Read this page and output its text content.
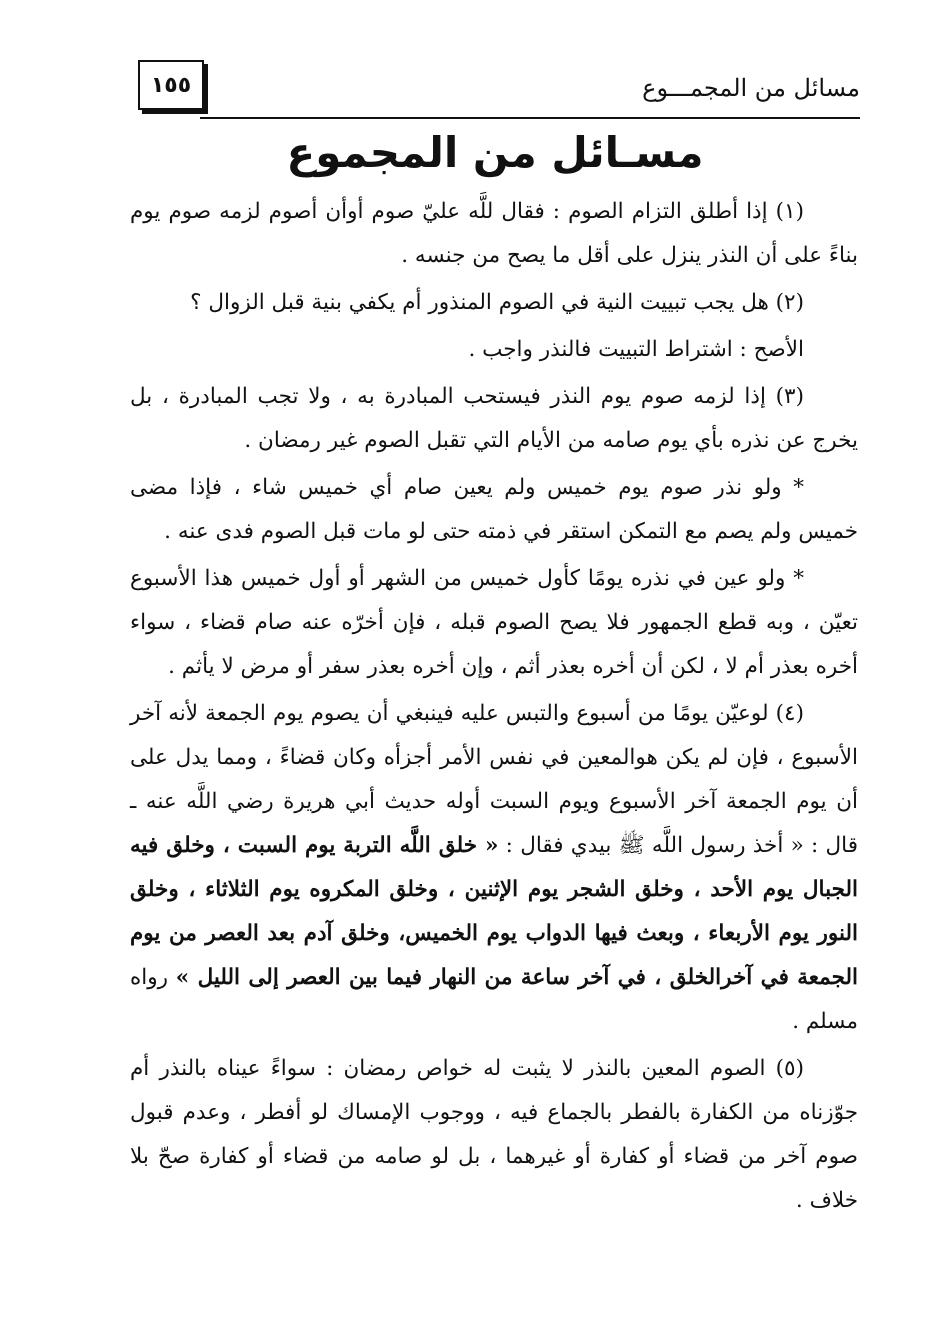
١٥٥	مسائل من المجمـــوع
مسـائل من المجموع

(١) إذا أطلق التزام الصوم : فقال للَّه عليّ صوم أوأن أصوم لزمه صوم يوم بناءً على أن النذر ينزل على أقل ما يصح من جنسه .

(٢) هل يجب تبييت النية في الصوم المنذور أم يكفي بنية قبل الزوال ؟

الأصح : اشتراط التبييت فالنذر واجب .

(٣) إذا لزمه صوم يوم النذر فيستحب المبادرة به ، ولا تجب المبادرة ، بل يخرج عن نذره بأي يوم صامه من الأيام التي تقبل الصوم غير رمضان .

* ولو نذر صوم يوم خميس ولم يعين صام أي خميس شاء ، فإذا مضى خميس ولم يصم مع التمكن استقر في ذمته حتى لو مات قبل الصوم فدى عنه .

* ولو عين في نذره يومًا كأول خميس من الشهر أو أول خميس هذا الأسبوع تعيّن ، وبه قطع الجمهور فلا يصح الصوم قبله ، فإن أخرّه عنه صام قضاء ، سواء أخره بعذر أم لا ، لكن أن أخره بعذر أثم ، وإن أخره بعذر سفر أو مرض لا يأثم .

(٤) لوعيّن يومًا من أسبوع والتبس عليه فينبغي أن يصوم يوم الجمعة لأنه آخر الأسبوع ، فإن لم يكن هوالمعين في نفس الأمر أجزأه وكان قضاءً ، ومما يدل على أن يوم الجمعة آخر الأسبوع ويوم السبت أوله حديث أبي هريرة رضي اللَّه عنه ـ قال : « أخذ رسول اللَّه ﷺ بيدي فقال : « خلق اللَّه التربة يوم السبت ، وخلق فيه الجبال يوم الأحد ، وخلق الشجر يوم الإثنين ، وخلق المكروه يوم الثلاثاء ، وخلق النور يوم الأربعاء ، وبعث فيها الدواب يوم الخميس، وخلق آدم بعد العصر من يوم الجمعة في آخرالخلق ، في آخر ساعة من النهار فيما بين العصر إلى الليل » رواه مسلم .

(٥) الصوم المعين بالنذر لا يثبت له خواص رمضان : سواءً عيناه بالنذر أم جوّزناه من الكفارة بالفطر بالجماع فيه ، ووجوب الإمساك لو أفطر ، وعدم قبول صوم آخر من قضاء أو كفارة أو غيرهما ، بل لو صامه من قضاء أو كفارة صحّ بلا خلاف .
